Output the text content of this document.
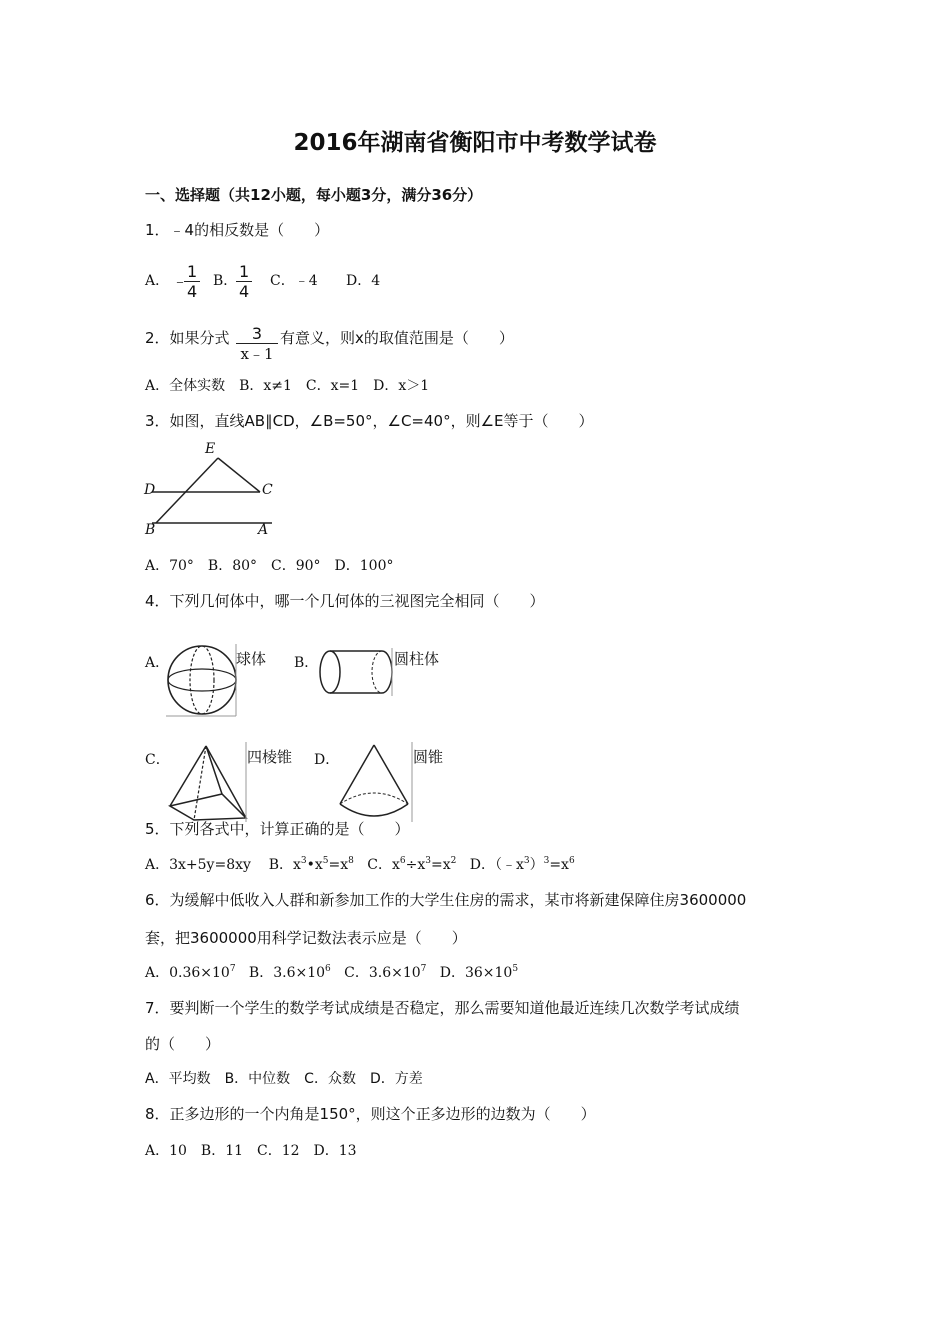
2016年湖南省衡阳市中考数学试卷
一、选择题（共12小题，每小题3分，满分36分）
1．﹣4的相反数是（　　）
A． ﹣
$\frac{1}{4}$ B．
$\frac{1}{4}$ C．﹣4 D．4
2．如果分式 $\frac{3}{x﹣1}$ 有意义，则x的取值范围是（　　）
A．全体实数　B．x≠1　C．x=1　D．x＞1
3．如图，直线AB∥CD，∠B=50°，∠C=40°，则∠E等于（　　）
E
D	C
B	A
A．70°　B．80°　C．90°　D．100°
4．下列几何体中，哪一个几何体的三视图完全相同（　　）
A．	球体 B．	圆柱体
C．	四棱锥 D．	圆锥
5．下列各式中，计算正确的是（　　）
A．3x+5y=8xy B．$x^3•x^5=x^8$ C．$x^6\div x^3=x^2$ D．$(﹣x^3)^3=x^6$
6．为缓解中低收入人群和新参加工作的大学生住房的需求，某市将新建保障住房3600000
套，把3600000用科学记数法表示应是（　　）
A．$0.36\times 10^7$ B．$3.6\times 10^6$ C．$3.6\times 10^7$ D．$36\times 10^5$
7．要判断一个学生的数学考试成绩是否稳定，那么需要知道他最近连续几次数学考试成绩
的（　　）
A．平均数　B．中位数　C．众数　D．方差
8．正多边形的一个内角是150°，则这个正多边形的边数为（　　）
A．10　B．11　C．12　D．13
